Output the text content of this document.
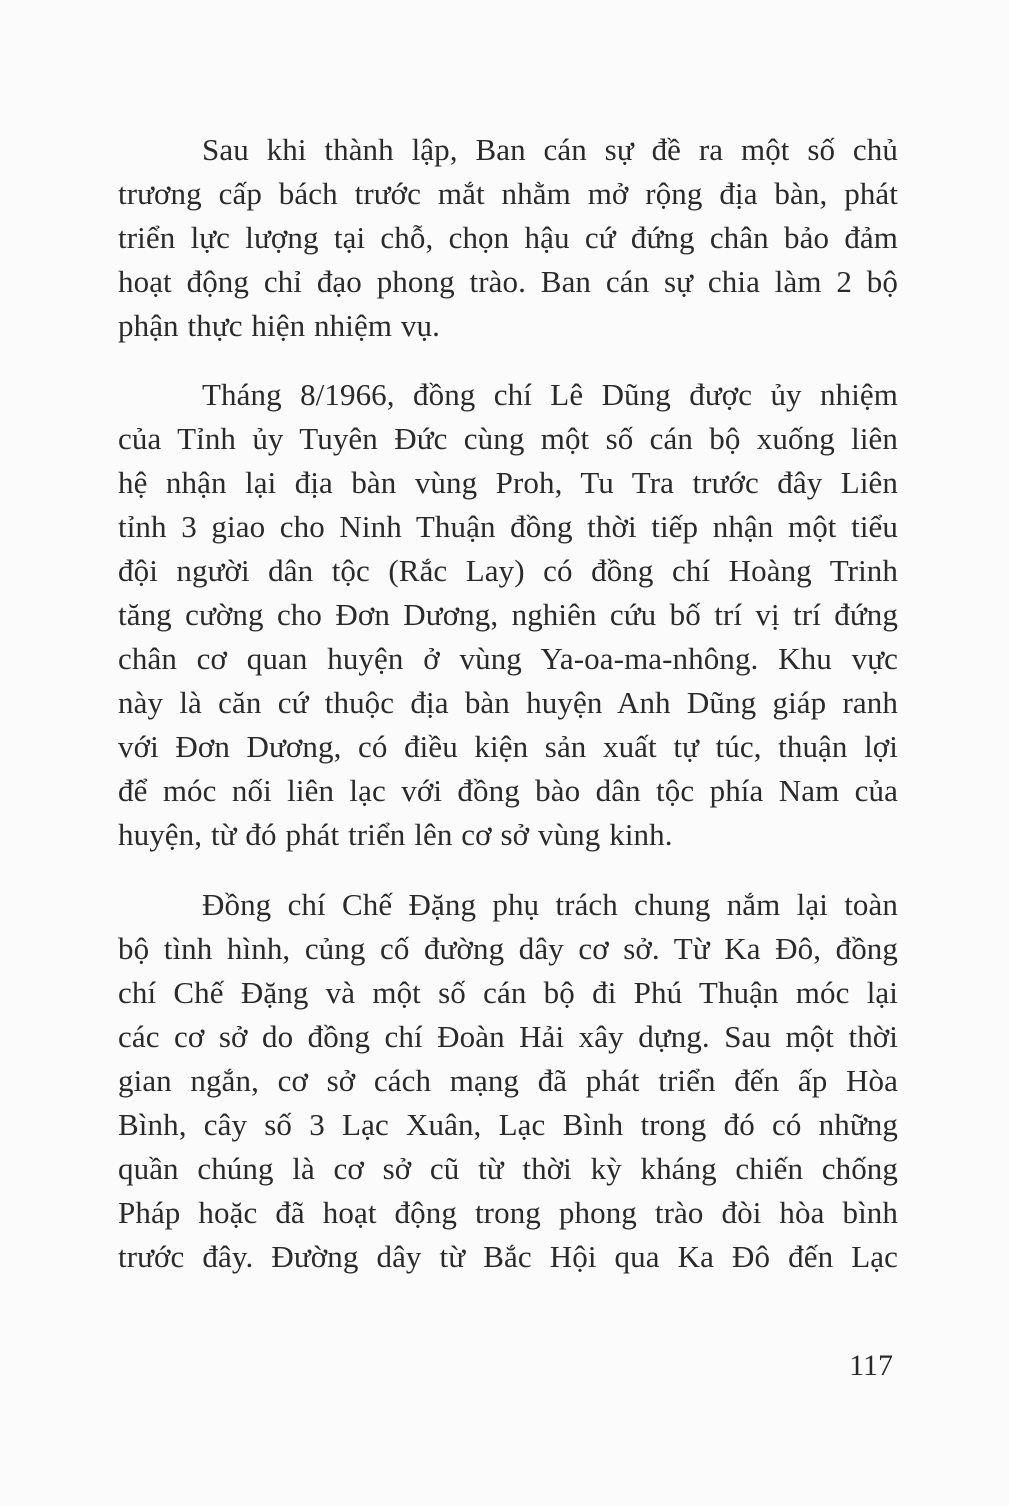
Sau khi thành lập, Ban cán sự đề ra một số chủ
trương cấp bách trước mắt nhằm mở rộng địa bàn, phát
triển lực lượng tại chỗ, chọn hậu cứ đứng chân bảo đảm
hoạt động chỉ đạo phong trào. Ban cán sự chia làm 2 bộ
phận thực hiện nhiệm vụ.

Tháng 8/1966, đồng chí Lê Dũng được ủy nhiệm
của Tỉnh ủy Tuyên Đức cùng một số cán bộ xuống liên
hệ nhận lại địa bàn vùng Proh, Tu Tra trước đây Liên
tỉnh 3 giao cho Ninh Thuận đồng thời tiếp nhận một tiểu
đội người dân tộc (Rắc Lay) có đồng chí Hoàng Trinh
tăng cường cho Đơn Dương, nghiên cứu bố trí vị trí đứng
chân cơ quan huyện ở vùng Ya-oa-ma-nhông. Khu vực
này là căn cứ thuộc địa bàn huyện Anh Dũng giáp ranh
với Đơn Dương, có điều kiện sản xuất tự túc, thuận lợi
để móc nối liên lạc với đồng bào dân tộc phía Nam của
huyện, từ đó phát triển lên cơ sở vùng kinh.

Đồng chí Chế Đặng phụ trách chung nắm lại toàn
bộ tình hình, củng cố đường dây cơ sở. Từ Ka Đô, đồng
chí Chế Đặng và một số cán bộ đi Phú Thuận móc lại
các cơ sở do đồng chí Đoàn Hải xây dựng. Sau một thời
gian ngắn, cơ sở cách mạng đã phát triển đến ấp Hòa
Bình, cây số 3 Lạc Xuân, Lạc Bình trong đó có những
quần chúng là cơ sở cũ từ thời kỳ kháng chiến chống
Pháp hoặc đã hoạt động trong phong trào đòi hòa bình
trước đây. Đường dây từ Bắc Hội qua Ka Đô đến Lạc

117
